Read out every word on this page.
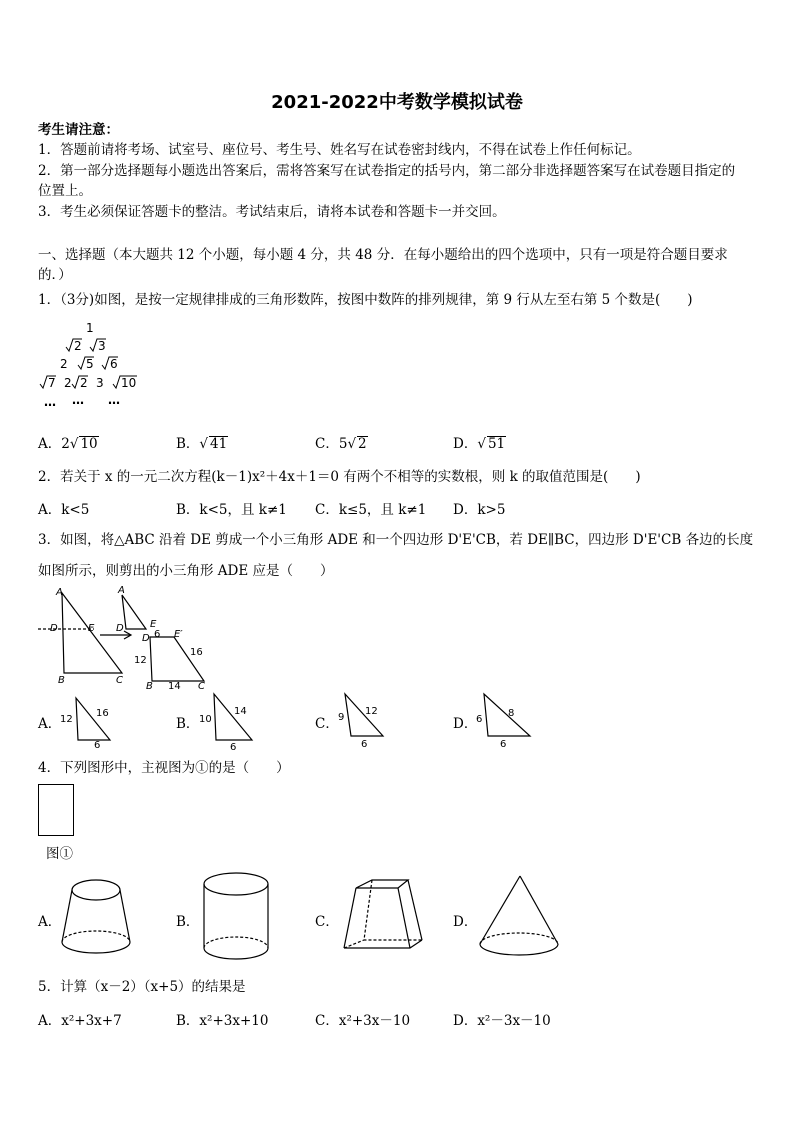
2021-2022中考数学模拟试卷
考生请注意：
1．答题前请将考场、试室号、座位号、考生号、姓名写在试卷密封线内，不得在试卷上作任何标记。
2．第一部分选择题每小题选出答案后，需将答案写在试卷指定的括号内，第二部分非选择题答案写在试卷题目指定的
位置上。
3．考生必须保证答题卡的整洁。考试结束后，请将本试卷和答题卡一并交回。
一、选择题（本大题共 12 个小题，每小题 4 分，共 48 分．在每小题给出的四个选项中，只有一项是符合题目要求
的．）
1．（3分)如图，是按一定规律排成的三角形数阵，按图中数阵的排列规律，第 9 行从左至右第 5 个数是(　　)
1
2 3
2 5 6
7 2 2 3 10
… … …
A．2√ 10	B．√ 41	C．5√ 2	D．√ 51
2．若关于 x 的一元二次方程(k－1)x²＋4x＋1＝0 有两个不相等的实数根，则 k 的取值范围是(　　)
A．k<5	B．k<5，且 k≠1 C．k≤5，且 k≠1 D．k>5
3．如图，将△ABC 沿着 DE 剪成一个小三角形 ADE 和一个四边形 D'E'CB，若 DE∥BC，四边形 D'E'CB 各边的长度
如图所示，则剪出的小三角形 ADE 应是（　　）
A
D	E
B	C
A
D	E
6
D E′
12
16
14
B	C
A．
12
16
6
B． 10
14
6
C． 9
12
6
D．
6
8
6
4．下列图形中，主视图为①的是（　　）
图①
A．	B．	C．	D．
5．计算（x－2）（x+5）的结果是
A．x²+3x+7	B．x²+3x+10	C．x²+3x－10	D．x²－3x－10
